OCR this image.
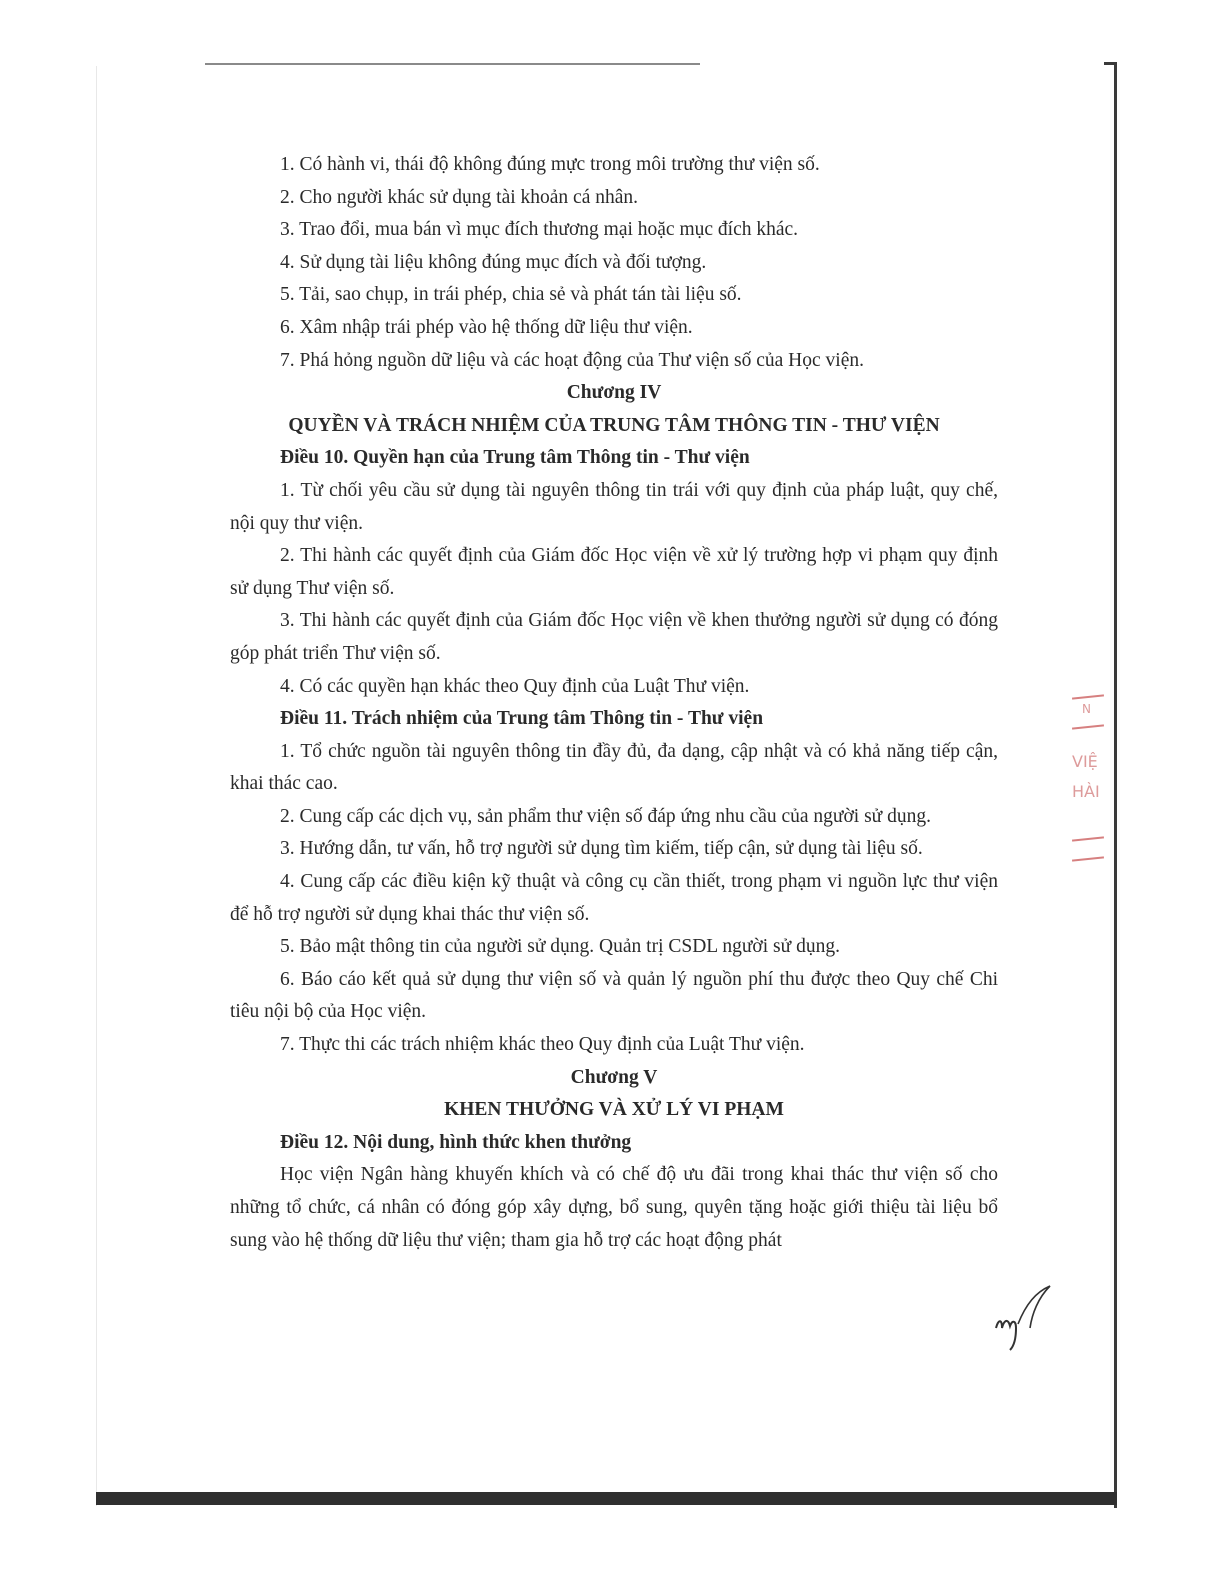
1. Có hành vi, thái độ không đúng mực trong môi trường thư viện số.

2. Cho người khác sử dụng tài khoản cá nhân.

3. Trao đổi, mua bán vì mục đích thương mại hoặc mục đích khác.

4. Sử dụng tài liệu không đúng mục đích và đối tượng.

5. Tải, sao chụp, in trái phép, chia sẻ và phát tán tài liệu số.

6. Xâm nhập trái phép vào hệ thống dữ liệu thư viện.

7. Phá hỏng nguồn dữ liệu và các hoạt động của Thư viện số của Học viện.

Chương IV

QUYỀN VÀ TRÁCH NHIỆM CỦA TRUNG TÂM THÔNG TIN - THƯ VIỆN

Điều 10. Quyền hạn của Trung tâm Thông tin - Thư viện

1. Từ chối yêu cầu sử dụng tài nguyên thông tin trái với quy định của pháp luật, quy chế, nội quy thư viện.

2. Thi hành các quyết định của Giám đốc Học viện về xử lý trường hợp vi phạm quy định sử dụng Thư viện số.

3. Thi hành các quyết định của Giám đốc Học viện về khen thưởng người sử dụng có đóng góp phát triển Thư viện số.

4. Có các quyền hạn khác theo Quy định của Luật Thư viện.

Điều 11. Trách nhiệm của Trung tâm Thông tin - Thư viện

1. Tổ chức nguồn tài nguyên thông tin đầy đủ, đa dạng, cập nhật và có khả năng tiếp cận, khai thác cao.

2. Cung cấp các dịch vụ, sản phẩm thư viện số đáp ứng nhu cầu của người sử dụng.

3. Hướng dẫn, tư vấn, hỗ trợ người sử dụng tìm kiếm, tiếp cận, sử dụng tài liệu số.

4. Cung cấp các điều kiện kỹ thuật và công cụ cần thiết, trong phạm vi nguồn lực thư viện để hỗ trợ người sử dụng khai thác thư viện số.

5. Bảo mật thông tin của người sử dụng. Quản trị CSDL người sử dụng.

6. Báo cáo kết quả sử dụng thư viện số và quản lý nguồn phí thu được theo Quy chế Chi tiêu nội bộ của Học viện.

7. Thực thi các trách nhiệm khác theo Quy định của Luật Thư viện.

Chương V

KHEN THƯỞNG VÀ XỬ LÝ VI PHẠM

Điều 12. Nội dung, hình thức khen thưởng

Học viện Ngân hàng khuyến khích và có chế độ ưu đãi trong khai thác thư viện số cho những tổ chức, cá nhân có đóng góp xây dựng, bổ sung, quyên tặng hoặc giới thiệu tài liệu bổ sung vào hệ thống dữ liệu thư viện; tham gia hỗ trợ các hoạt động phát

N
VIỆ
HÀI
